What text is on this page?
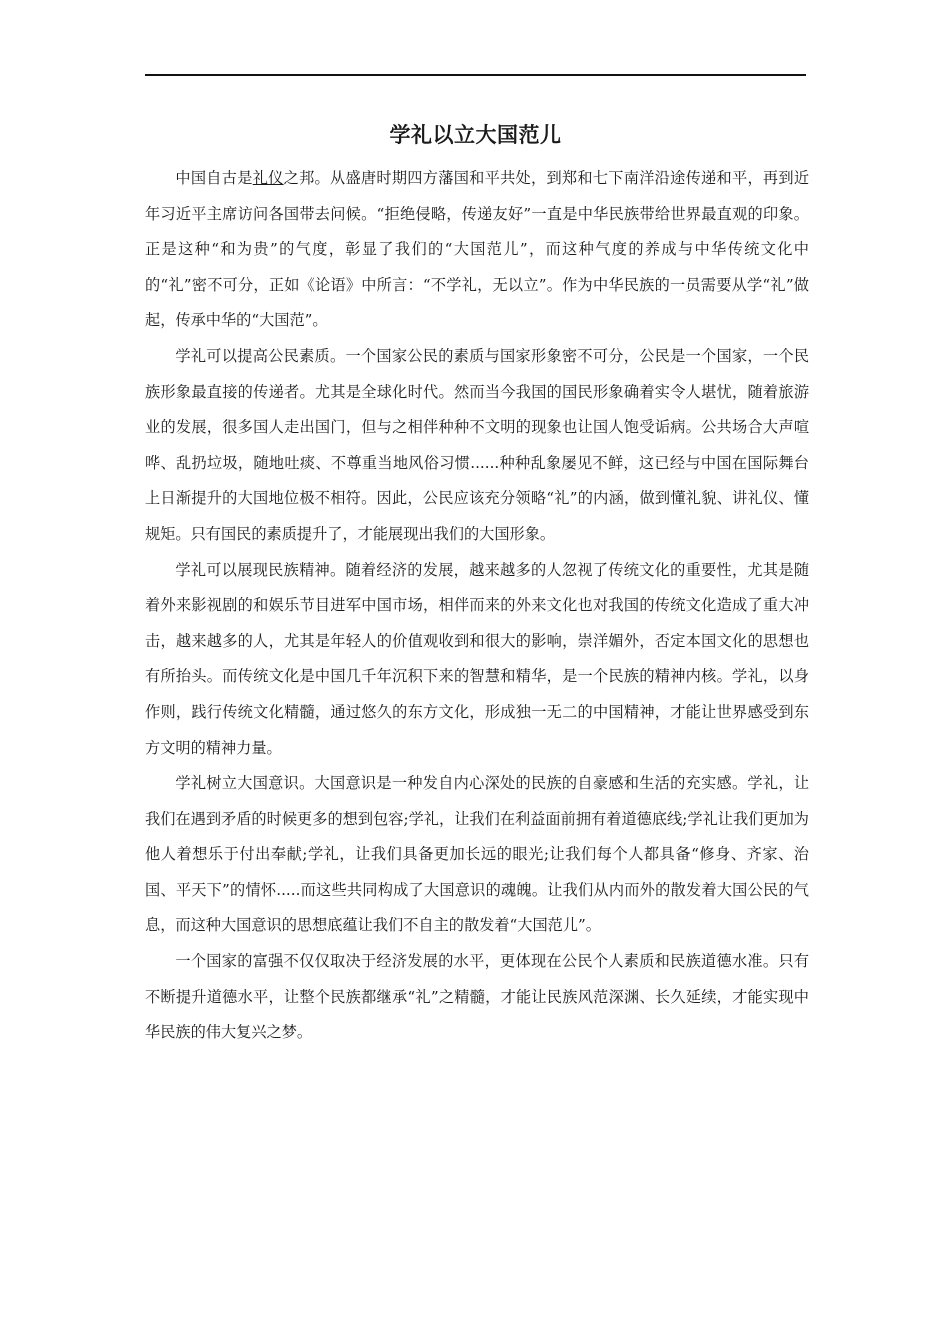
学礼以立大国范儿

中国自古是礼仪之邦。从盛唐时期四方藩国和平共处，到郑和七下南洋沿途传递和平，再到近年习近平主席访问各国带去问候。“拒绝侵略，传递友好”一直是中华民族带给世界最直观的印象。正是这种“和为贵”的气度，彰显了我们的“大国范儿”，而这种气度的养成与中华传统文化中的“礼”密不可分，正如《论语》中所言：“不学礼，无以立”。作为中华民族的一员需要从学“礼”做起，传承中华的“大国范”。

学礼可以提高公民素质。一个国家公民的素质与国家形象密不可分，公民是一个国家，一个民族形象最直接的传递者。尤其是全球化时代。然而当今我国的国民形象确着实令人堪忧，随着旅游业的发展，很多国人走出国门，但与之相伴种种不文明的现象也让国人饱受诟病。公共场合大声喧哗、乱扔垃圾，随地吐痰、不尊重当地风俗习惯......种种乱象屡见不鲜，这已经与中国在国际舞台上日渐提升的大国地位极不相符。因此，公民应该充分领略“礼”的内涵，做到懂礼貌、讲礼仪、懂规矩。只有国民的素质提升了，才能展现出我们的大国形象。

学礼可以展现民族精神。随着经济的发展，越来越多的人忽视了传统文化的重要性，尤其是随着外来影视剧的和娱乐节目进军中国市场，相伴而来的外来文化也对我国的传统文化造成了重大冲击，越来越多的人，尤其是年轻人的价值观收到和很大的影响，崇洋媚外，否定本国文化的思想也有所抬头。而传统文化是中国几千年沉积下来的智慧和精华，是一个民族的精神内核。学礼，以身作则，践行传统文化精髓，通过悠久的东方文化，形成独一无二的中国精神，才能让世界感受到东方文明的精神力量。

学礼树立大国意识。大国意识是一种发自内心深处的民族的自豪感和生活的充实感。学礼，让我们在遇到矛盾的时候更多的想到包容;学礼，让我们在利益面前拥有着道德底线;学礼让我们更加为他人着想乐于付出奉献;学礼，让我们具备更加长远的眼光;让我们每个人都具备“修身、齐家、治国、平天下”的情怀.....而这些共同构成了大国意识的魂魄。让我们从内而外的散发着大国公民的气息，而这种大国意识的思想底蕴让我们不自主的散发着“大国范儿”。

一个国家的富强不仅仅取决于经济发展的水平，更体现在公民个人素质和民族道德水准。只有不断提升道德水平，让整个民族都继承“礼”之精髓，才能让民族风范深渊、长久延续，才能实现中华民族的伟大复兴之梦。
